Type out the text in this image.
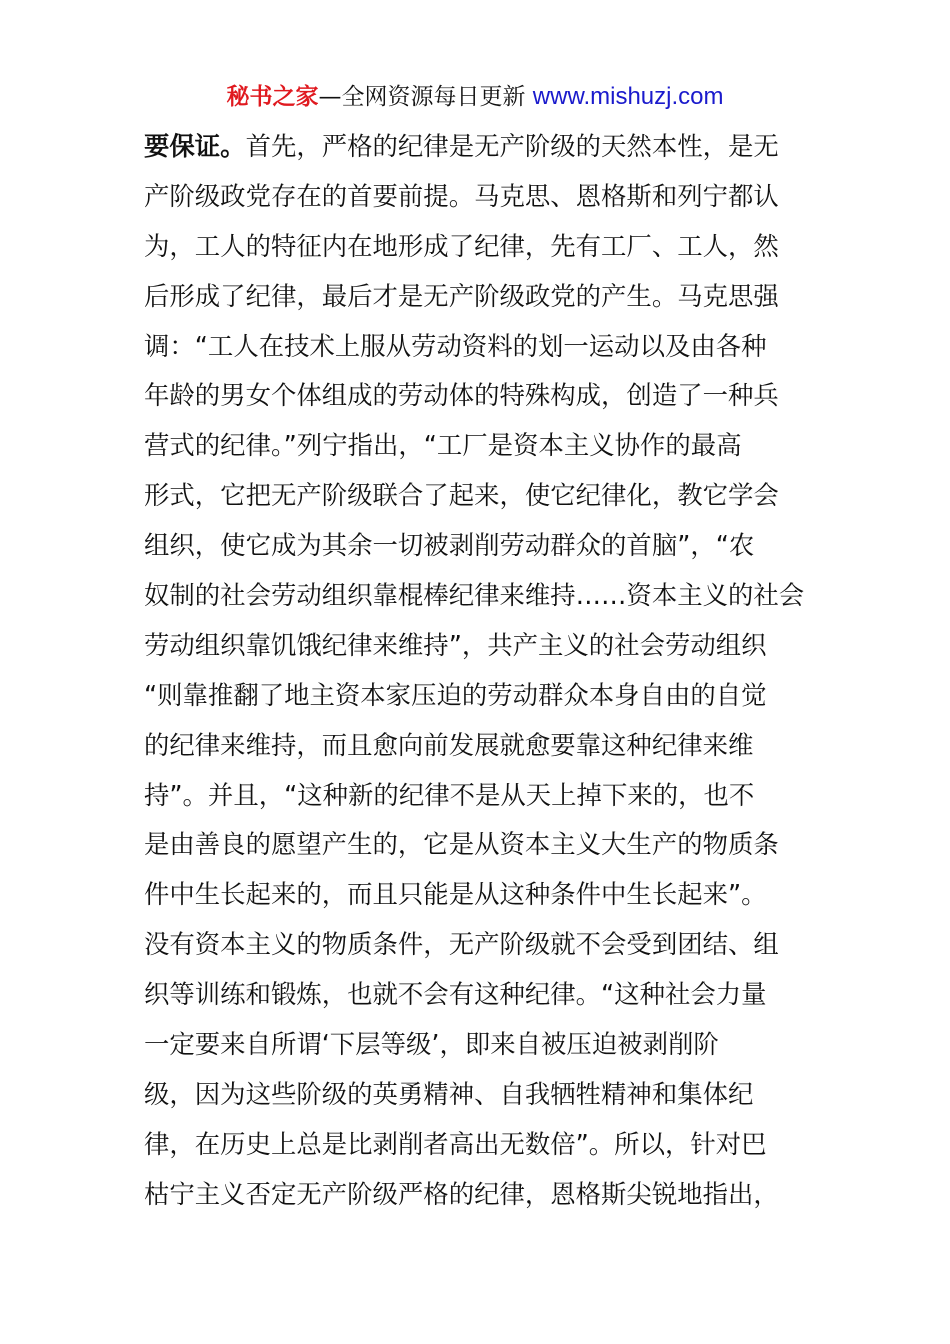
秘书之家—全网资源每日更新 www.mishuzj.com
要保证。首先，严格的纪律是无产阶级的天然本性，是无
产阶级政党存在的首要前提。马克思、恩格斯和列宁都认
为，工人的特征内在地形成了纪律，先有工厂、工人，然
后形成了纪律，最后才是无产阶级政党的产生。马克思强
调：“工人在技术上服从劳动资料的划一运动以及由各种
年龄的男女个体组成的劳动体的特殊构成，创造了一种兵
营式的纪律。”列宁指出，“工厂是资本主义协作的最高
形式，它把无产阶级联合了起来，使它纪律化，教它学会
组织，使它成为其余一切被剥削劳动群众的首脑”，“农
奴制的社会劳动组织靠棍棒纪律来维持……资本主义的社会
劳动组织靠饥饿纪律来维持”，共产主义的社会劳动组织
“则靠推翻了地主资本家压迫的劳动群众本身自由的自觉
的纪律来维持，而且愈向前发展就愈要靠这种纪律来维
持”。并且，“这种新的纪律不是从天上掉下来的，也不
是由善良的愿望产生的，它是从资本主义大生产的物质条
件中生长起来的，而且只能是从这种条件中生长起来”。
没有资本主义的物质条件，无产阶级就不会受到团结、组
织等训练和锻炼，也就不会有这种纪律。“这种社会力量
一定要来自所谓‘下层等级’，即来自被压迫被剥削阶
级，因为这些阶级的英勇精神、自我牺牲精神和集体纪
律，在历史上总是比剥削者高出无数倍”。所以，针对巴
枯宁主义否定无产阶级严格的纪律，恩格斯尖锐地指出，
